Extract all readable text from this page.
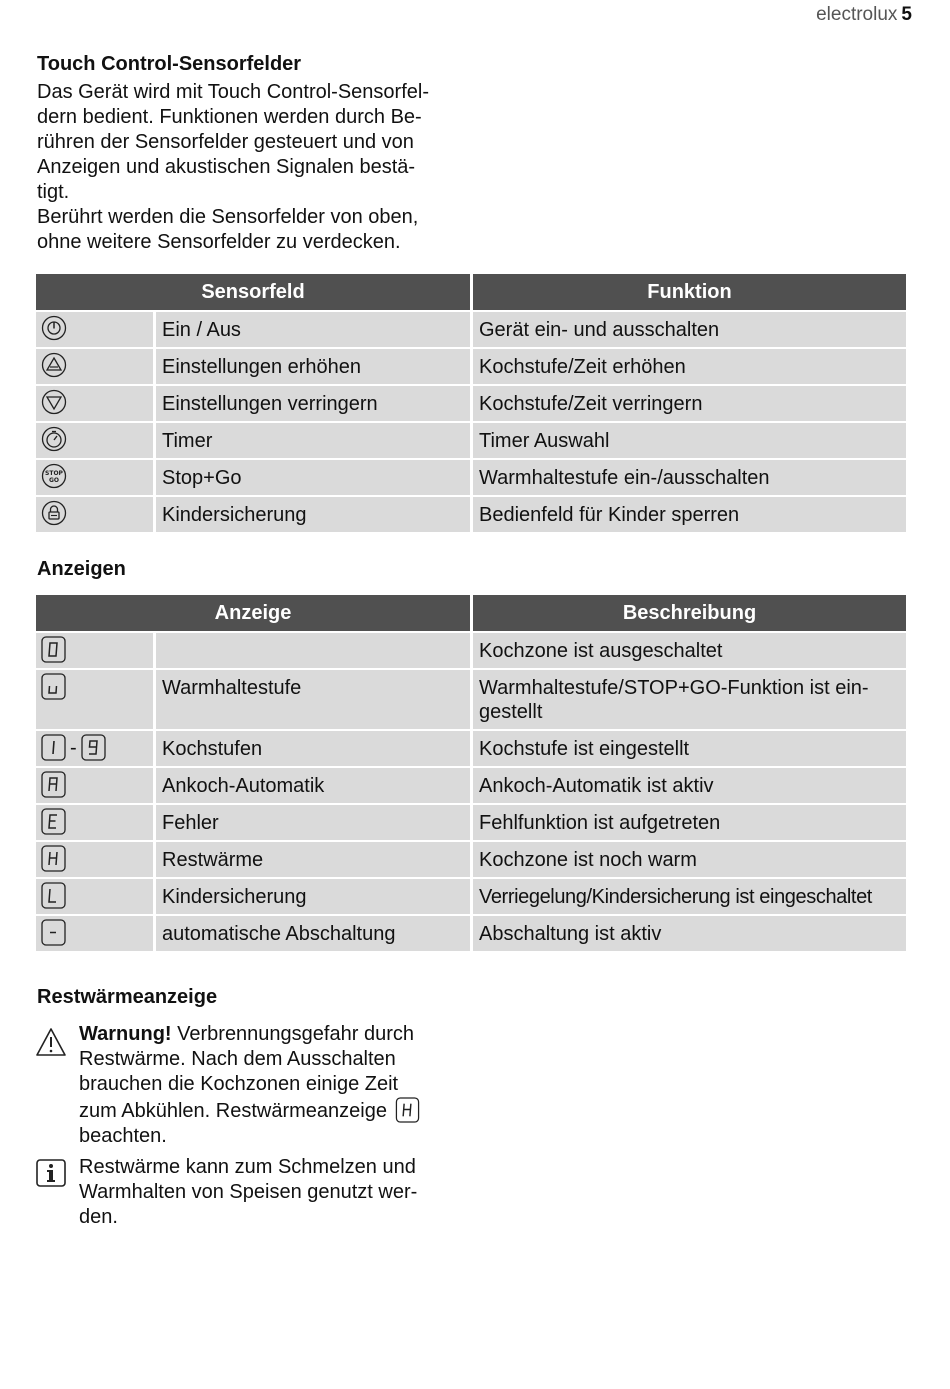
electrolux 5
Touch Control-Sensorfelder
Das Gerät wird mit Touch Control-Sensorfel-
dern bedient. Funktionen werden durch Be-
rühren der Sensorfelder gesteuert und von
Anzeigen und akustischen Signalen bestä-
tigt.
Berührt werden die Sensorfelder von oben,
ohne weitere Sensorfelder zu verdecken.
Sensorfeld		Funktion

	Ein / Aus	Gerät ein- und ausschalten

	Einstellungen erhöhen	Kochstufe/Zeit erhöhen

	Einstellungen verringern	Kochstufe/Zeit verringern

	Timer	Timer Auswahl

STOP
GO	Stop+Go	Warmhaltestufe ein-/ausschalten

	Kindersicherung	Bedienfeld für Kinder sperren
Anzeigen
Anzeige		Beschreibung
		Kochzone ist ausgeschaltet
	Warmhaltestufe	Warmhaltestufe/STOP+GO-Funktion ist ein-
gestellt

-	Kochstufen	Kochstufe ist eingestellt
	Ankoch-Automatik	Ankoch-Automatik ist aktiv
	Fehler	Fehlfunktion ist aufgetreten
	Restwärme	Kochzone ist noch warm
	Kindersicherung	Verriegelung/Kindersicherung ist eingeschaltet
	automatische Abschaltung	Abschaltung ist aktiv
Restwärmeanzeige
Warnung! Verbrennungsgefahr durch
Restwärme. Nach dem Ausschalten
brauchen die Kochzonen einige Zeit
zum Abkühlen. Restwärmeanzeige
beachten.
Restwärme kann zum Schmelzen und
Warmhalten von Speisen genutzt wer-
den.
